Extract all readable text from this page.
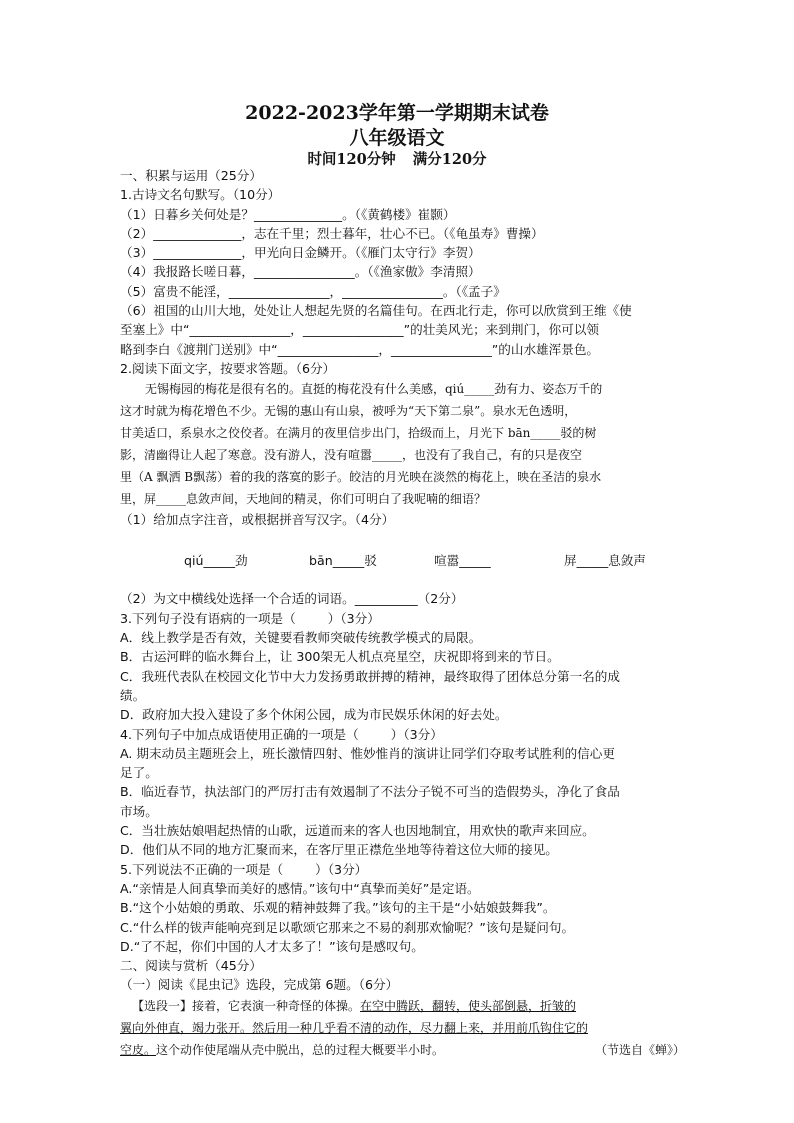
2022-2023学年第一学期期末试卷
八年级语文
时间120分钟 满分120分

一、积累与运用（25分）

1.古诗文名句默写。（10分）

（1）日暮乡关何处是？______________。（《黄鹤楼》崔颢）

（2）______________，志在千里；烈士暮年，壮心不已。（《龟虽寿》曹操）

（3）______________，甲光向日金鳞开。（《雁门太守行》李贺）

（4）我报路长嗟日暮，________________。（《渔家傲》李清照）

（5）富贵不能淫，________________，________________。（《孟子》

（6）祖国的山川大地，处处让人想起先贤的名篇佳句。在西北行走，你可以欣赏到王维《使

至塞上》中“________________，________________”的壮美风光；来到荆门，你可以领

略到李白《渡荆门送别》中“________________，________________”的山水雄浑景色。

2.阅读下面文字，按要求答题。（6分）

无锡梅园的梅花是很有名的。直挺的梅花没有什么美感，qiú_____劲有力、姿态万千的

这才时就为梅花增色不少。无锡的惠山有山泉，被呼为“天下第二泉”。泉水无色透明，

甘美适口，系泉水之佼佼者。在满月的夜里信步出门，拾级而上，月光下 bān_____驳的树

影，清幽得让人起了寒意。没有游人，没有喧嚣_____，也没有了我自己，有的只是夜空

里（A 飘洒 B飘荡）着的我的落寞的影子。皎洁的月光映在淡然的梅花上，映在圣洁的泉水

里，屏_____息敛声间，天地间的精灵，你们可明白了我呢喃的细语？

（1）给加点字注音，或根据拼音写汉字。（4分）

qiú_____劲	bān_____驳	喧嚣_____	屏_____息敛声

（2）为文中横线处选择一个合适的词语。__________（2分）

3.下列句子没有语病的一项是（        ）（3分）

A．线上教学是否有效，关键要看教师突破传统教学模式的局限。

B．古运河畔的临水舞台上，让 300架无人机点亮星空，庆祝即将到来的节日。

C．我班代表队在校园文化节中大力发扬勇敢拼搏的精神，最终取得了团体总分第一名的成

绩。

D．政府加大投入建设了多个休闲公园，成为市民娱乐休闲的好去处。

4.下列句子中加点成语使用正确的一项是（        ）（3分）

A. 期末动员主题班会上，班长激情四射、惟妙惟肖的演讲让同学们夺取考试胜利的信心更

足了。

B．临近春节，执法部门的严厉打击有效遏制了不法分子锐不可当的造假势头，净化了食品

市场。

C．当壮族姑娘唱起热情的山歌，远道而来的客人也因地制宜，用欢快的歌声来回应。

D．他们从不同的地方汇聚而来，在客厅里正襟危坐地等待着这位大师的接见。

5.下列说法不正确的一项是（        ）（3分）

A.“亲情是人间真挚而美好的感情。”该句中“真挚而美好”是定语。

B.“这个小姑娘的勇敢、乐观的精神鼓舞了我。”该句的主干是“小姑娘鼓舞我”。

C.“什么样的钹声能响亮到足以歌颂它那来之不易的刹那欢愉呢？”该句是疑问句。

D.“了不起，你们中国的人才太多了！”该句是感叹句。

二、阅读与赏析（45分）

（一）阅读《昆虫记》选段，完成第 6题。（6分）

【选段一】接着，它表演一种奇怪的体操。在空中腾跃，翻转，使头部倒悬，折皱的

翼向外伸直，竭力张开。然后用一种几乎看不清的动作，尽力翻上来，并用前爪钩住它的

空皮。这个动作使尾端从壳中脱出，总的过程大概要半小时。	（节选自《蝉》）
